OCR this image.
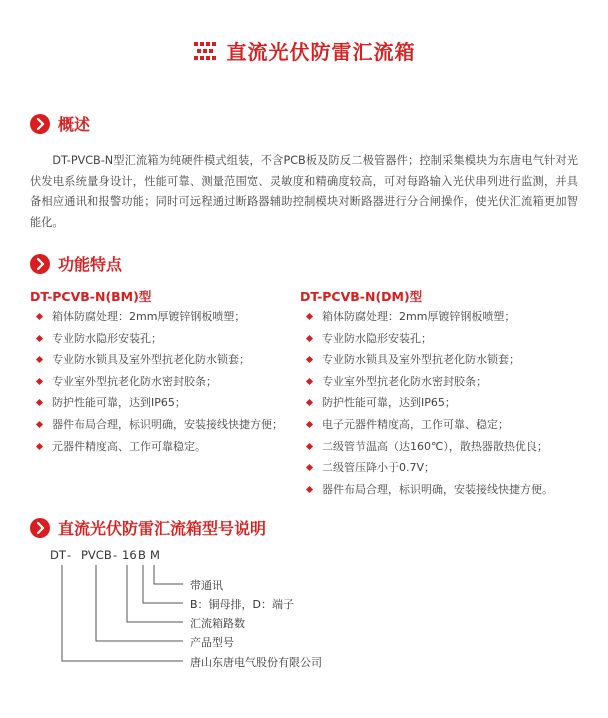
直流光伏防雷汇流箱
概述
DT-PVCB-N型汇流箱为纯硬件模式组装，不含PCB板及防反二极管器件；控制采集模块为东唐电气针对光伏发电系统量身设计，性能可靠、测量范围宽、灵敏度和精确度较高，可对每路输入光伏串列进行监测，并具备相应通讯和报警功能；同时可远程通过断路器辅助控制模块对断路器进行分合闸操作，使光伏汇流箱更加智能化。
功能特点
DT-PCVB-N(BM)型
箱体防腐处理：2mm厚镀锌钢板喷塑；
专业防水隐形安装孔；
专业防水锁具及室外型抗老化防水锁套；
专业室外型抗老化防水密封胶条；
防护性能可靠，达到IP65；
器件布局合理，标识明确，安装接线快捷方便；
元器件精度高、工作可靠稳定。
DT-PCVB-N(DM)型
箱体防腐处理：2mm厚镀锌钢板喷塑；
专业防水隐形安装孔；
专业防水锁具及室外型抗老化防水锁套；
专业室外型抗老化防水密封胶条；
防护性能可靠，达到IP65；
电子元器件精度高，工作可靠、稳定；
二级管节温高（达160℃），散热器散热优良；
二级管压降小于0.7V；
器件布局合理，标识明确，安装接线快捷方便。
直流光伏防雷汇流箱型号说明
DT - PVCB - 16 B M
带通讯
B：铜母排，D：端子
汇流箱路数
产品型号
唐山东唐电气股份有限公司
